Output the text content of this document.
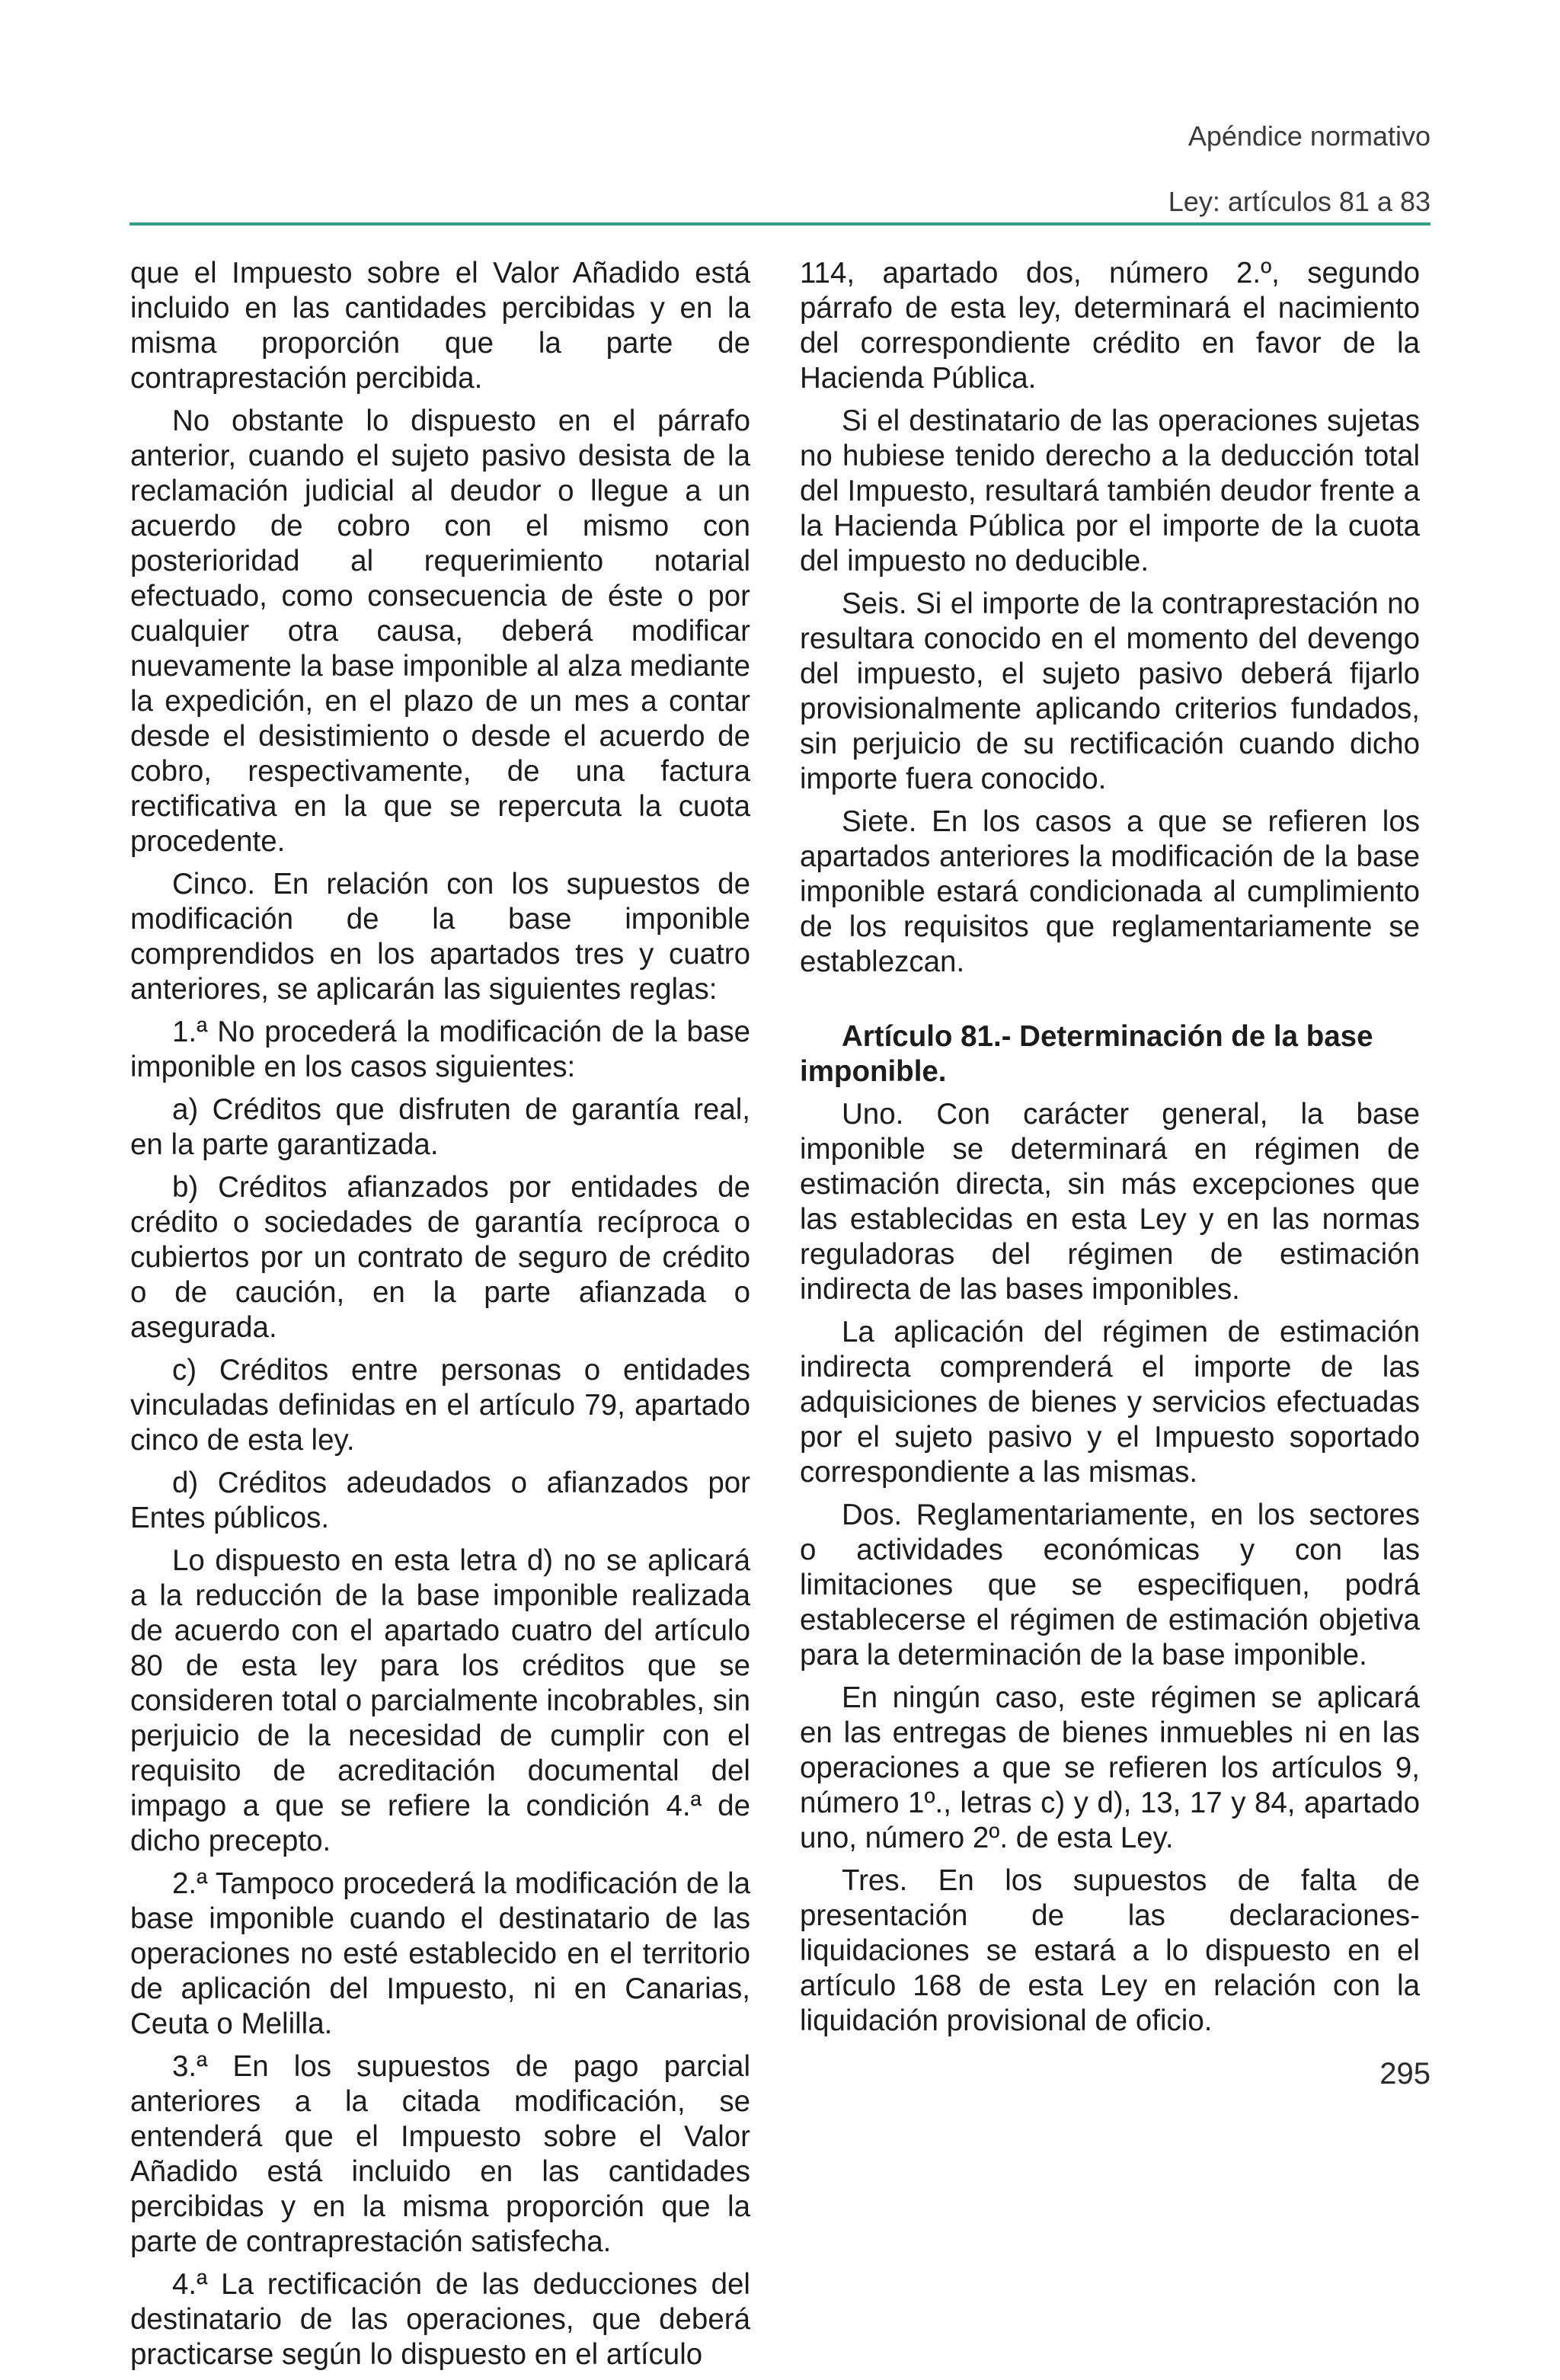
Apéndice normativo
Ley: artículos 81 a 83

que el Impuesto sobre el Valor Añadido está incluido en las cantidades percibidas y en la misma proporción que la parte de contraprestación percibida.

No obstante lo dispuesto en el párrafo anterior, cuando el sujeto pasivo desista de la reclamación judicial al deudor o llegue a un acuerdo de cobro con el mismo con posterioridad al requerimiento notarial efectuado, como consecuencia de éste o por cualquier otra causa, deberá modificar nuevamente la base imponible al alza mediante la expedición, en el plazo de un mes a contar desde el desistimiento o desde el acuerdo de cobro, respectivamente, de una factura rectificativa en la que se repercuta la cuota procedente.

Cinco. En relación con los supuestos de modificación de la base imponible comprendidos en los apartados tres y cuatro anteriores, se aplicarán las siguientes reglas:

1.ª No procederá la modificación de la base imponible en los casos siguientes:

a) Créditos que disfruten de garantía real, en la parte garantizada.

b) Créditos afianzados por entidades de crédito o sociedades de garantía recíproca o cubiertos por un contrato de seguro de crédito o de caución, en la parte afianzada o asegurada.

c) Créditos entre personas o entidades vinculadas definidas en el artículo 79, apartado cinco de esta ley.

d) Créditos adeudados o afianzados por Entes públicos.

Lo dispuesto en esta letra d) no se aplicará a la reducción de la base imponible realizada de acuerdo con el apartado cuatro del artículo 80 de esta ley para los créditos que se consideren total o parcialmente incobrables, sin perjuicio de la necesidad de cumplir con el requisito de acreditación documental del impago a que se refiere la condición 4.ª de dicho precepto.

2.ª Tampoco procederá la modificación de la base imponible cuando el destinatario de las operaciones no esté establecido en el territorio de aplicación del Impuesto, ni en Canarias, Ceuta o Melilla.

3.ª En los supuestos de pago parcial anteriores a la citada modificación, se entenderá que el Impuesto sobre el Valor Añadido está incluido en las cantidades percibidas y en la misma proporción que la parte de contraprestación satisfecha.

4.ª La rectificación de las deducciones del destinatario de las operaciones, que deberá practicarse según lo dispuesto en el artículo

114, apartado dos, número 2.º, segundo párrafo de esta ley, determinará el nacimiento del correspondiente crédito en favor de la Hacienda Pública.

Si el destinatario de las operaciones sujetas no hubiese tenido derecho a la deducción total del Impuesto, resultará también deudor frente a la Hacienda Pública por el importe de la cuota del impuesto no deducible.

Seis. Si el importe de la contraprestación no resultara conocido en el momento del devengo del impuesto, el sujeto pasivo deberá fijarlo provisionalmente aplicando criterios fundados, sin perjuicio de su rectificación cuando dicho importe fuera conocido.

Siete. En los casos a que se refieren los apartados anteriores la modificación de la base imponible estará condicionada al cumplimiento de los requisitos que reglamentariamente se establezcan.

Artículo 81.- Determinación de la base imponible.

Uno. Con carácter general, la base imponible se determinará en régimen de estimación directa, sin más excepciones que las establecidas en esta Ley y en las normas reguladoras del régimen de estimación indirecta de las bases imponibles.

La aplicación del régimen de estimación indirecta comprenderá el importe de las adquisiciones de bienes y servicios efectuadas por el sujeto pasivo y el Impuesto soportado correspondiente a las mismas.

Dos. Reglamentariamente, en los sectores o actividades económicas y con las limitaciones que se especifiquen, podrá establecerse el régimen de estimación objetiva para la determinación de la base imponible.

En ningún caso, este régimen se aplicará en las entregas de bienes inmuebles ni en las operaciones a que se refieren los artículos 9, número 1º., letras c) y d), 13, 17 y 84, apartado uno, número 2º. de esta Ley.

Tres. En los supuestos de falta de presentación de las declaraciones-liquidaciones se estará a lo dispuesto en el artículo 168 de esta Ley en relación con la liquidación provisional de oficio.

295
